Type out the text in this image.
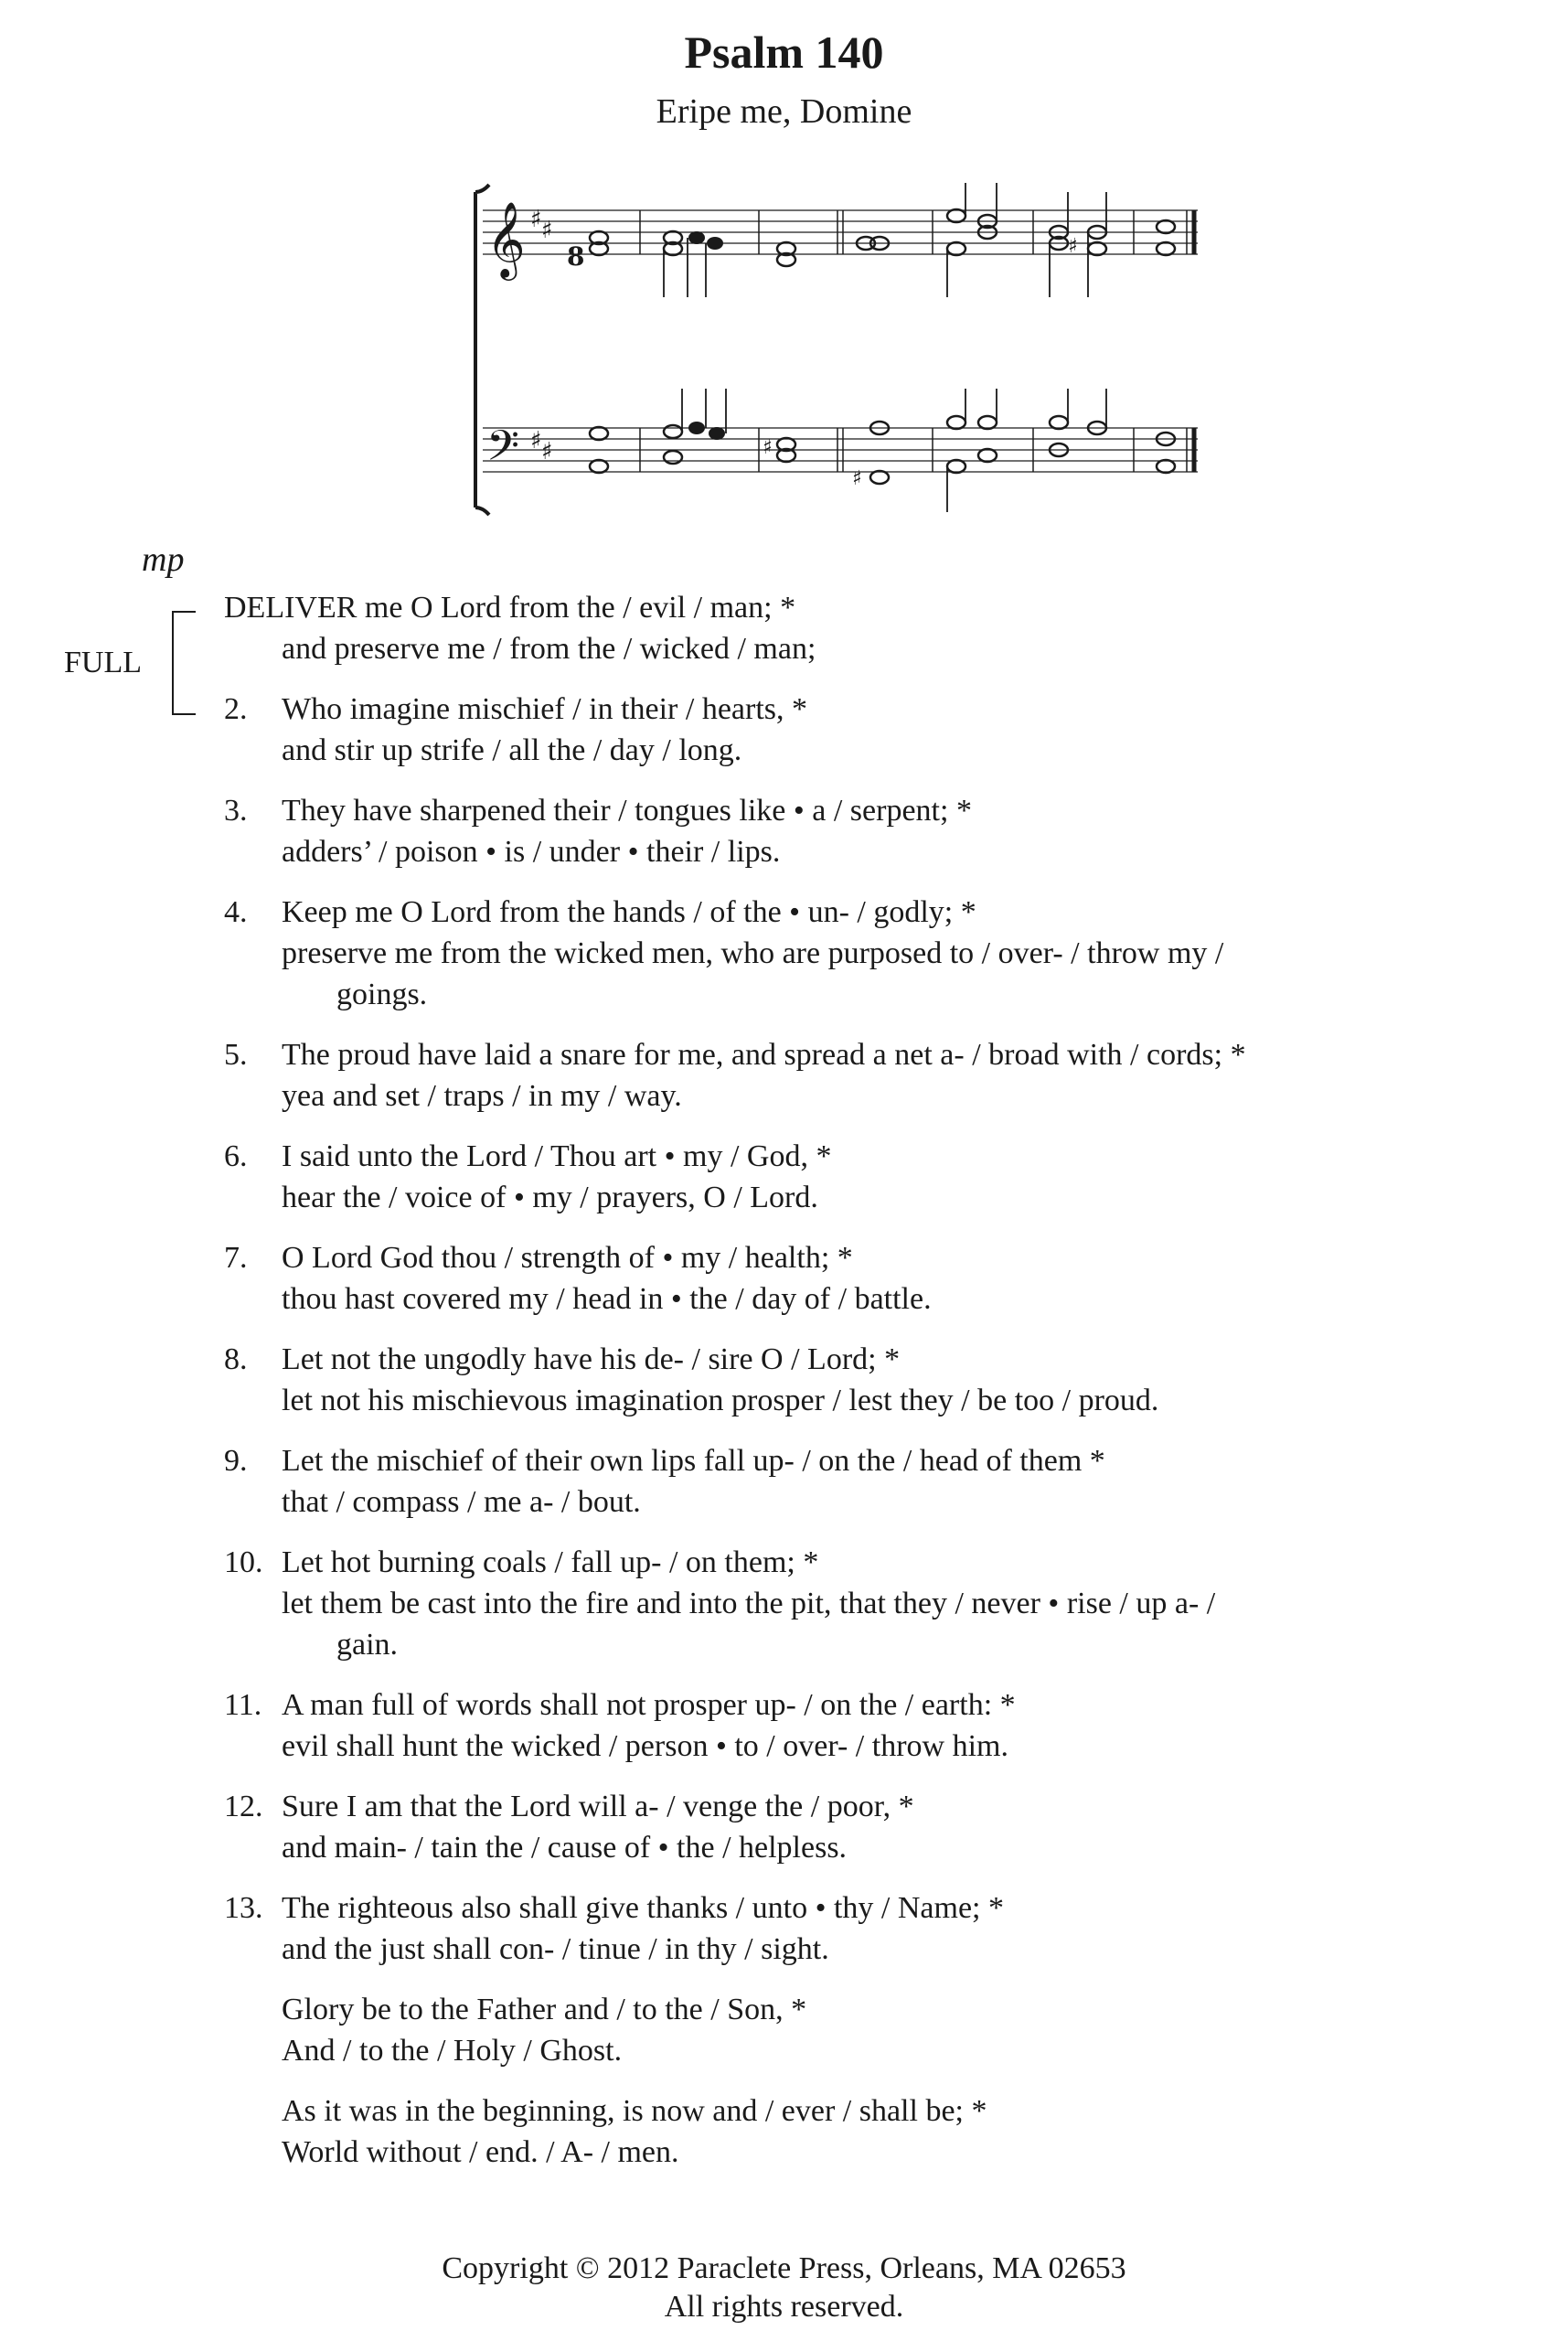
Psalm 140
Eripe me, Domine
𝄞
𝄢
♯ ♯
♯ ♯
8	♯
♯
♯
mp
FULL
DELIVER me O Lord from the / evil / man; *
and preserve me / from the / wicked / man;
2.	Who imagine mischief / in their / hearts, *
and stir up strife / all the / day / long.
3.	They have sharpened their / tongues like • a / serpent; *
adders’ / poison • is / under • their / lips.
4.	Keep me O Lord from the hands / of the • un- / godly; *
preserve me from the wicked men, who are purposed to / over- / throw my /
goings.
5.	The proud have laid a snare for me, and spread a net a- / broad with / cords; *
yea and set / traps / in my / way.
6.	I said unto the Lord / Thou art • my / God, *
hear the / voice of • my / prayers, O / Lord.
7.	O Lord God thou / strength of • my / health; *
thou hast covered my / head in • the / day of / battle.
8.	Let not the ungodly have his de- / sire O / Lord; *
let not his mischievous imagination prosper / lest they / be too / proud.
9.	Let the mischief of their own lips fall up- / on the / head of them *
that / compass / me a- / bout.
10. Let hot burning coals / fall up- / on them; *
let them be cast into the fire and into the pit, that they / never • rise / up a- /
gain.
11. A man full of words shall not prosper up- / on the / earth: *
evil shall hunt the wicked / person • to / over- / throw him.
12. Sure I am that the Lord will a- / venge the / poor, *
and main- / tain the / cause of • the / helpless.
13. The righteous also shall give thanks / unto • thy / Name; *
and the just shall con- / tinue / in thy / sight.
Glory be to the Father and / to the / Son, *
And / to the / Holy / Ghost.
As it was in the beginning, is now and / ever / shall be; *
World without / end. / A- / men.
Copyright © 2012 Paraclete Press, Orleans, MA 02653
All rights reserved.
